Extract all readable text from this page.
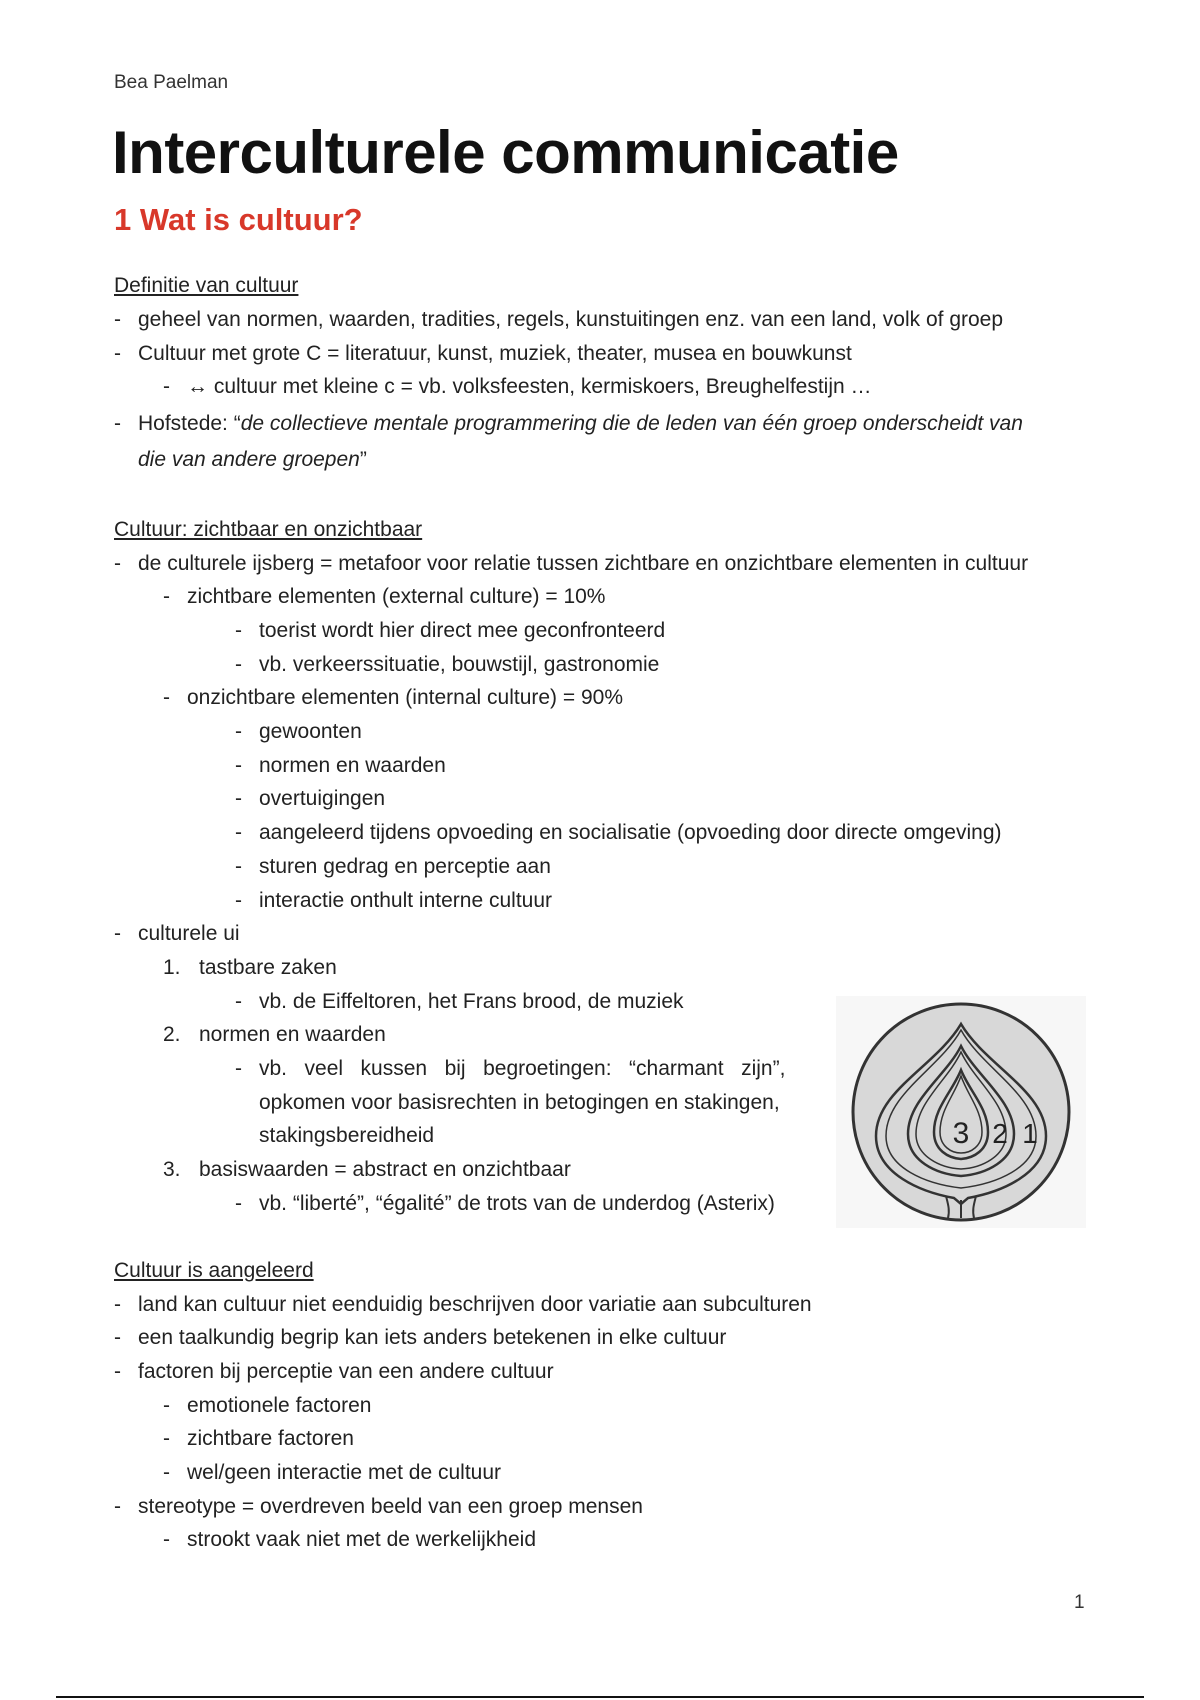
Bea Paelman
Interculturele communicatie
1 Wat is cultuur?
Definitie van cultuur
- geheel van normen, waarden, tradities, regels, kunstuitingen enz. van een land, volk of groep
- Cultuur met grote C = literatuur, kunst, muziek, theater, musea en bouwkunst
- ↔ cultuur met kleine c = vb. volksfeesten, kermiskoers, Breughelfestijn …
- Hofstede: “de collectieve mentale programmering die de leden van één groep onderscheidt van
die van andere groepen”
Cultuur: zichtbaar en onzichtbaar
- de culturele ijsberg = metafoor voor relatie tussen zichtbare en onzichtbare elementen in cultuur
- zichtbare elementen (external culture) = 10%
- toerist wordt hier direct mee geconfronteerd
- vb. verkeerssituatie, bouwstijl, gastronomie
- onzichtbare elementen (internal culture) = 90%
- gewoonten
- normen en waarden
- overtuigingen
- aangeleerd tijdens opvoeding en socialisatie (opvoeding door directe omgeving)
- sturen gedrag en perceptie aan
- interactie onthult interne cultuur
- culturele ui
1. tastbare zaken
- vb. de Eiffeltoren, het Frans brood, de muziek
2. normen en waarden
- vb.   veel   kussen   bij   begroetingen:   “charmant   zijn”,
opkomen voor basisrechten in betogingen en stakingen,
stakingsbereidheid
3. basiswaarden = abstract en onzichtbaar
- vb. “liberté”, “égalité” de trots van de underdog (Asterix)
3 2 1
Cultuur is aangeleerd
- land kan cultuur niet eenduidig beschrijven door variatie aan subculturen
- een taalkundig begrip kan iets anders betekenen in elke cultuur
- factoren bij perceptie van een andere cultuur
- emotionele factoren
- zichtbare factoren
- wel/geen interactie met de cultuur
- stereotype = overdreven beeld van een groep mensen
- strookt vaak niet met de werkelijkheid
1
